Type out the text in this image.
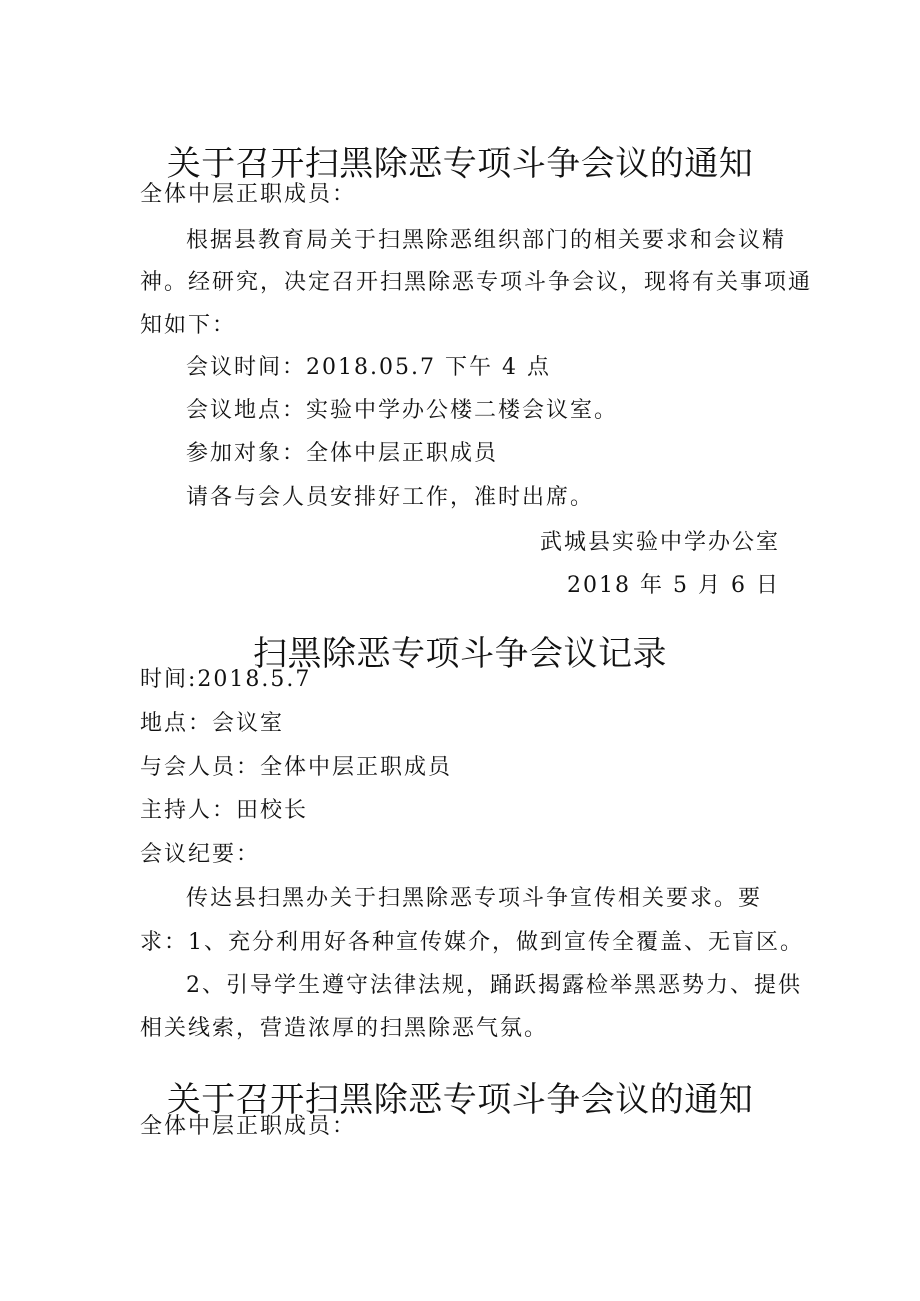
关于召开扫黑除恶专项斗争会议的通知
全体中层正职成员：
根据县教育局关于扫黑除恶组织部门的相关要求和会议精
神。经研究，决定召开扫黑除恶专项斗争会议，现将有关事项通
知如下：
会议时间：2018.05.7 下午 4 点
会议地点：实验中学办公楼二楼会议室。
参加对象：全体中层正职成员
请各与会人员安排好工作，准时出席。
武城县实验中学办公室
2018 年 5 月 6 日
扫黑除恶专项斗争会议记录
时间:2018.5.7
地点：会议室
与会人员：全体中层正职成员
主持人：田校长
会议纪要：
传达县扫黑办关于扫黑除恶专项斗争宣传相关要求。要
求：1、充分利用好各种宣传媒介，做到宣传全覆盖、无盲区。
2、引导学生遵守法律法规，踊跃揭露检举黑恶势力、提供
相关线索，营造浓厚的扫黑除恶气氛。
关于召开扫黑除恶专项斗争会议的通知
全体中层正职成员：
